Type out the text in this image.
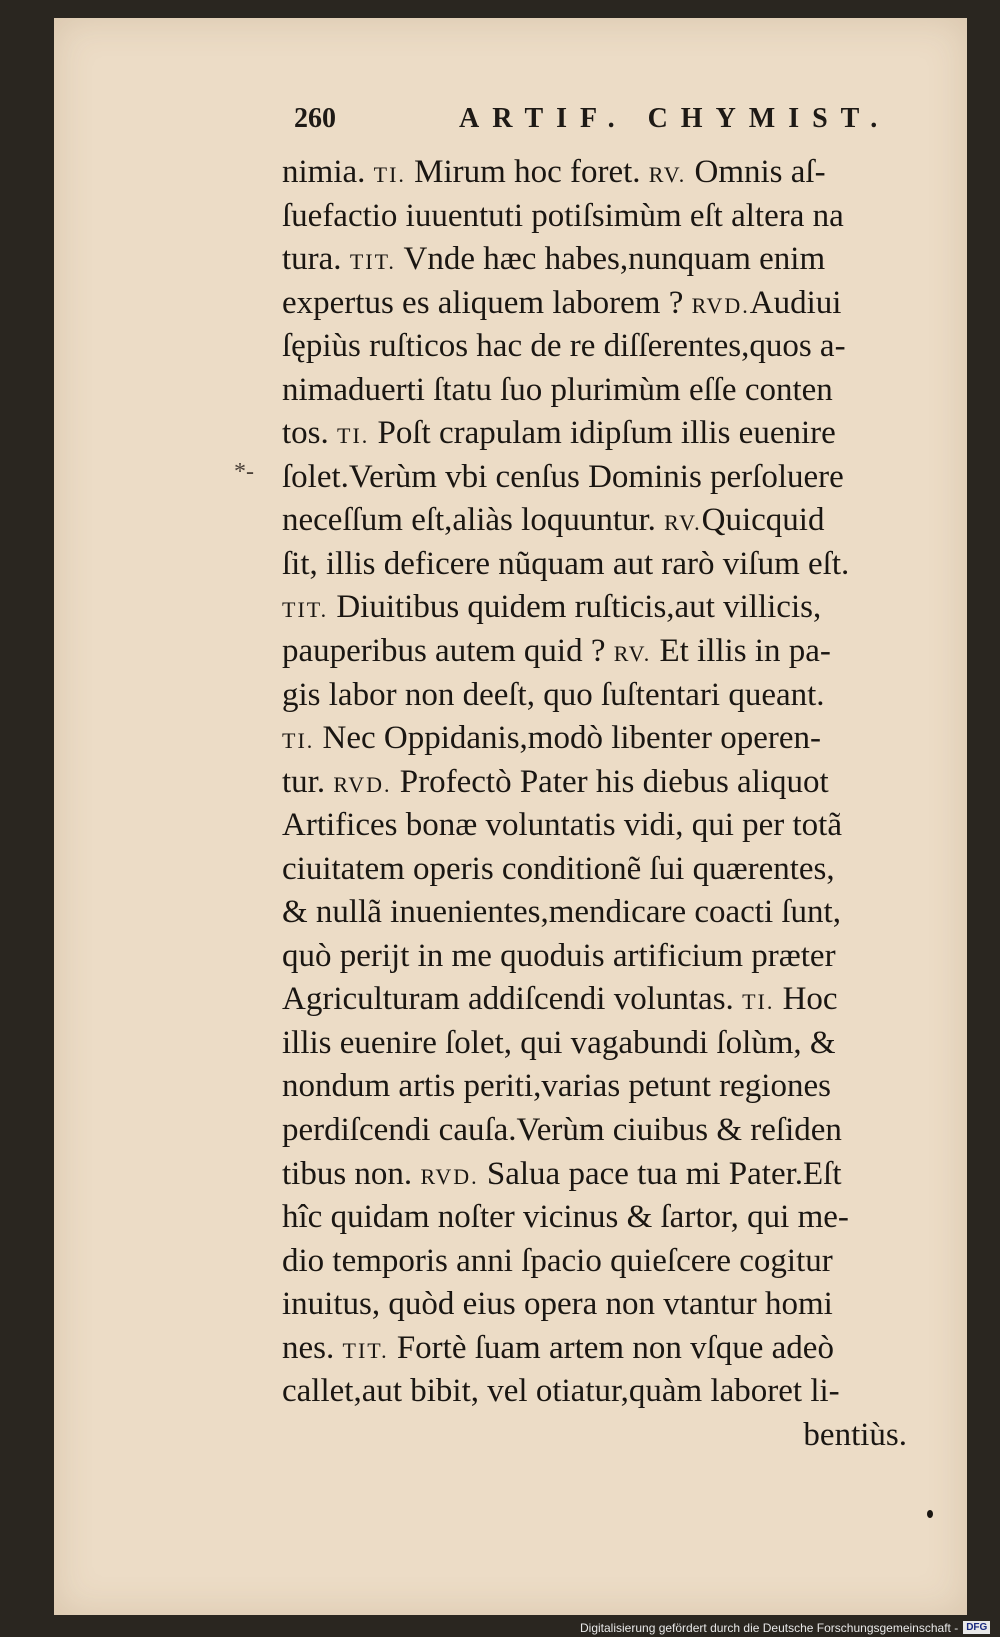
260	ARTIF. CHYMIST.
*-
nimia. TI. Mirum hoc foret. RV. Omnis aſ-
ſuefactio iuuentuti potiſsimùm eſt altera na
tura. TIT. Vnde hæc habes,nunquam enim
expertus es aliquem laborem ? RVD.Audiui
ſępiùs ruſticos hac de re diſſerentes,quos a-
nimaduerti ſtatu ſuo plurimùm eſſe conten
tos. TI. Poſt crapulam idipſum illis euenire
ſolet.Verùm vbi cenſus Dominis perſoluere
neceſſum eſt,aliàs loquuntur. RV.Quicquid
ſit, illis deficere nũquam aut rarò viſum eſt.
TIT. Diuitibus quidem ruſticis,aut villicis,
pauperibus autem quid ? RV. Et illis in pa-
gis labor non deeſt, quo ſuſtentari queant.
TI. Nec Oppidanis,modò libenter operen-
tur. RVD. Profectò Pater his diebus aliquot
Artifices bonæ voluntatis vidi, qui per totã
ciuitatem operis conditionẽ ſui quærentes,
& nullã inuenientes,mendicare coacti ſunt,
quò perijt in me quoduis artificium præter
Agriculturam addiſcendi voluntas. TI. Hoc
illis euenire ſolet, qui vagabundi ſolùm, &
nondum artis periti,varias petunt regiones
perdiſcendi cauſa.Verùm ciuibus & reſiden
tibus non. RVD. Salua pace tua mi Pater.Eſt
hîc quidam noſter vicinus & ſartor, qui me-
dio temporis anni ſpacio quieſcere cogitur
inuitus, quòd eius opera non vtantur homi
nes. TIT. Fortè ſuam artem non vſque adeò
callet,aut bibit, vel otiatur,quàm laboret li-
bentiùs.
Digitalisierung gefördert durch die Deutsche Forschungsgemeinschaft - DFG
